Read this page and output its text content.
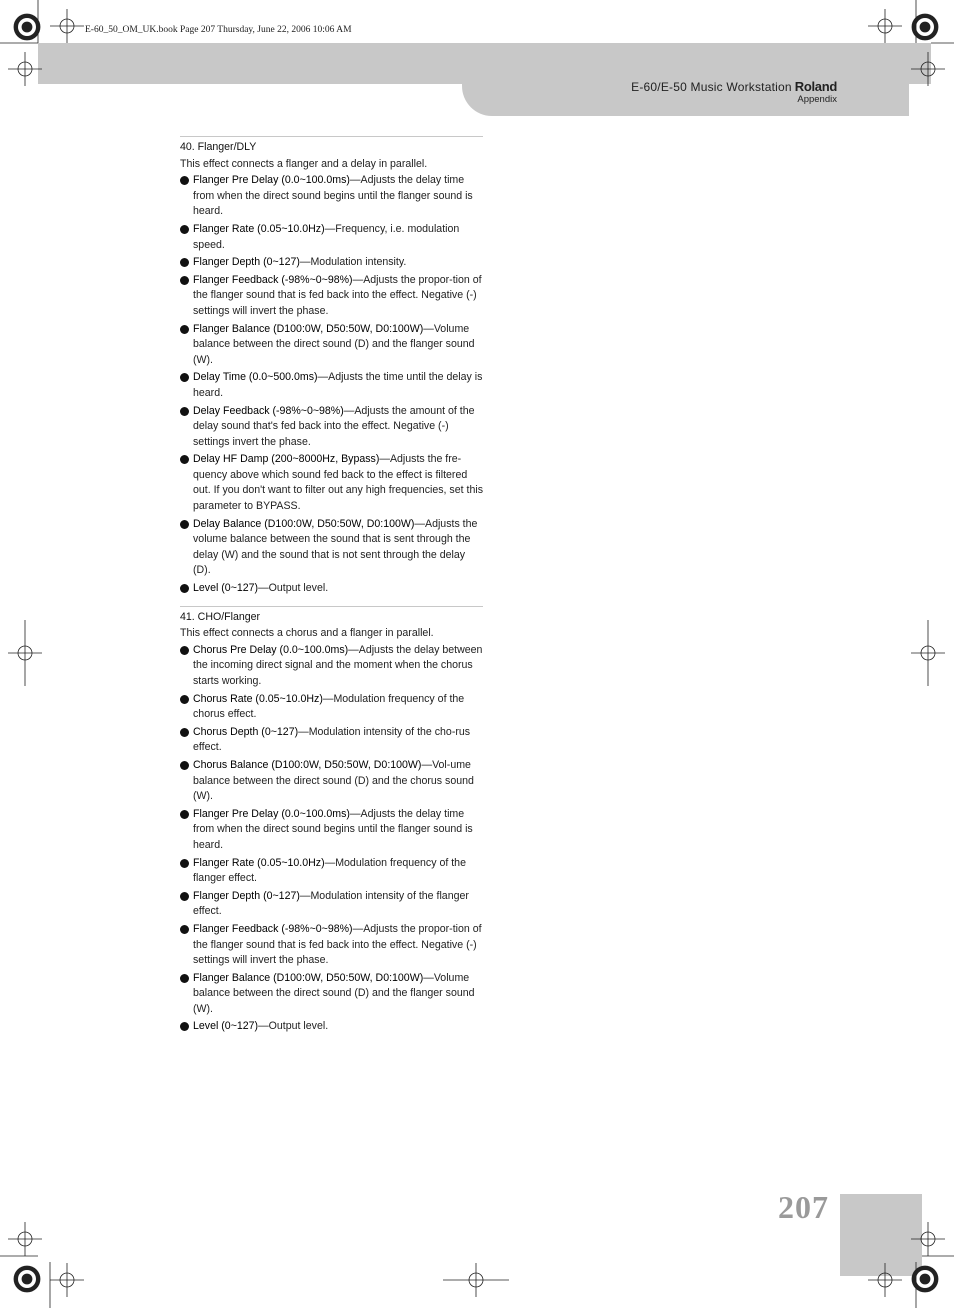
E-60_50_OM_UK.book Page 207 Thursday, June 22, 2006 10:06 AM
E-60/E-50 Music Workstation Roland
Appendix

40. Flanger/DLY

This effect connects a flanger and a delay in parallel.
Flanger Pre Delay (0.0~100.0ms)—Adjusts the delay time from when the direct sound begins until the flanger sound is heard.
Flanger Rate (0.05~10.0Hz)—Frequency, i.e. modulation speed.
Flanger Depth (0~127)—Modulation intensity.
Flanger Feedback (-98%~0~98%)—Adjusts the propor-tion of the flanger sound that is fed back into the effect. Negative (-) settings will invert the phase.
Flanger Balance (D100:0W, D50:50W, D0:100W)—Volume balance between the direct sound (D) and the flanger sound (W).
Delay Time (0.0~500.0ms)—Adjusts the time until the delay is heard.
Delay Feedback (-98%~0~98%)—Adjusts the amount of the delay sound that's fed back into the effect. Negative (-) settings invert the phase.
Delay HF Damp (200~8000Hz, Bypass)—Adjusts the fre-quency above which sound fed back to the effect is filtered out. If you don't want to filter out any high frequencies, set this parameter to BYPASS.
Delay Balance (D100:0W, D50:50W, D0:100W)—Adjusts the volume balance between the sound that is sent through the delay (W) and the sound that is not sent through the delay (D).
Level (0~127)—Output level.

41. CHO/Flanger

This effect connects a chorus and a flanger in parallel.
Chorus Pre Delay (0.0~100.0ms)—Adjusts the delay between the incoming direct signal and the moment when the chorus starts working.
Chorus Rate (0.05~10.0Hz)—Modulation frequency of the chorus effect.
Chorus Depth (0~127)—Modulation intensity of the cho-rus effect.
Chorus Balance (D100:0W, D50:50W, D0:100W)—Vol-ume balance between the direct sound (D) and the chorus sound (W).
Flanger Pre Delay (0.0~100.0ms)—Adjusts the delay time from when the direct sound begins until the flanger sound is heard.
Flanger Rate (0.05~10.0Hz)—Modulation frequency of the flanger effect.
Flanger Depth (0~127)—Modulation intensity of the flanger effect.
Flanger Feedback (-98%~0~98%)—Adjusts the propor-tion of the flanger sound that is fed back into the effect. Negative (-) settings will invert the phase.
Flanger Balance (D100:0W, D50:50W, D0:100W)—Volume balance between the direct sound (D) and the flanger sound (W).
Level (0~127)—Output level.
207
